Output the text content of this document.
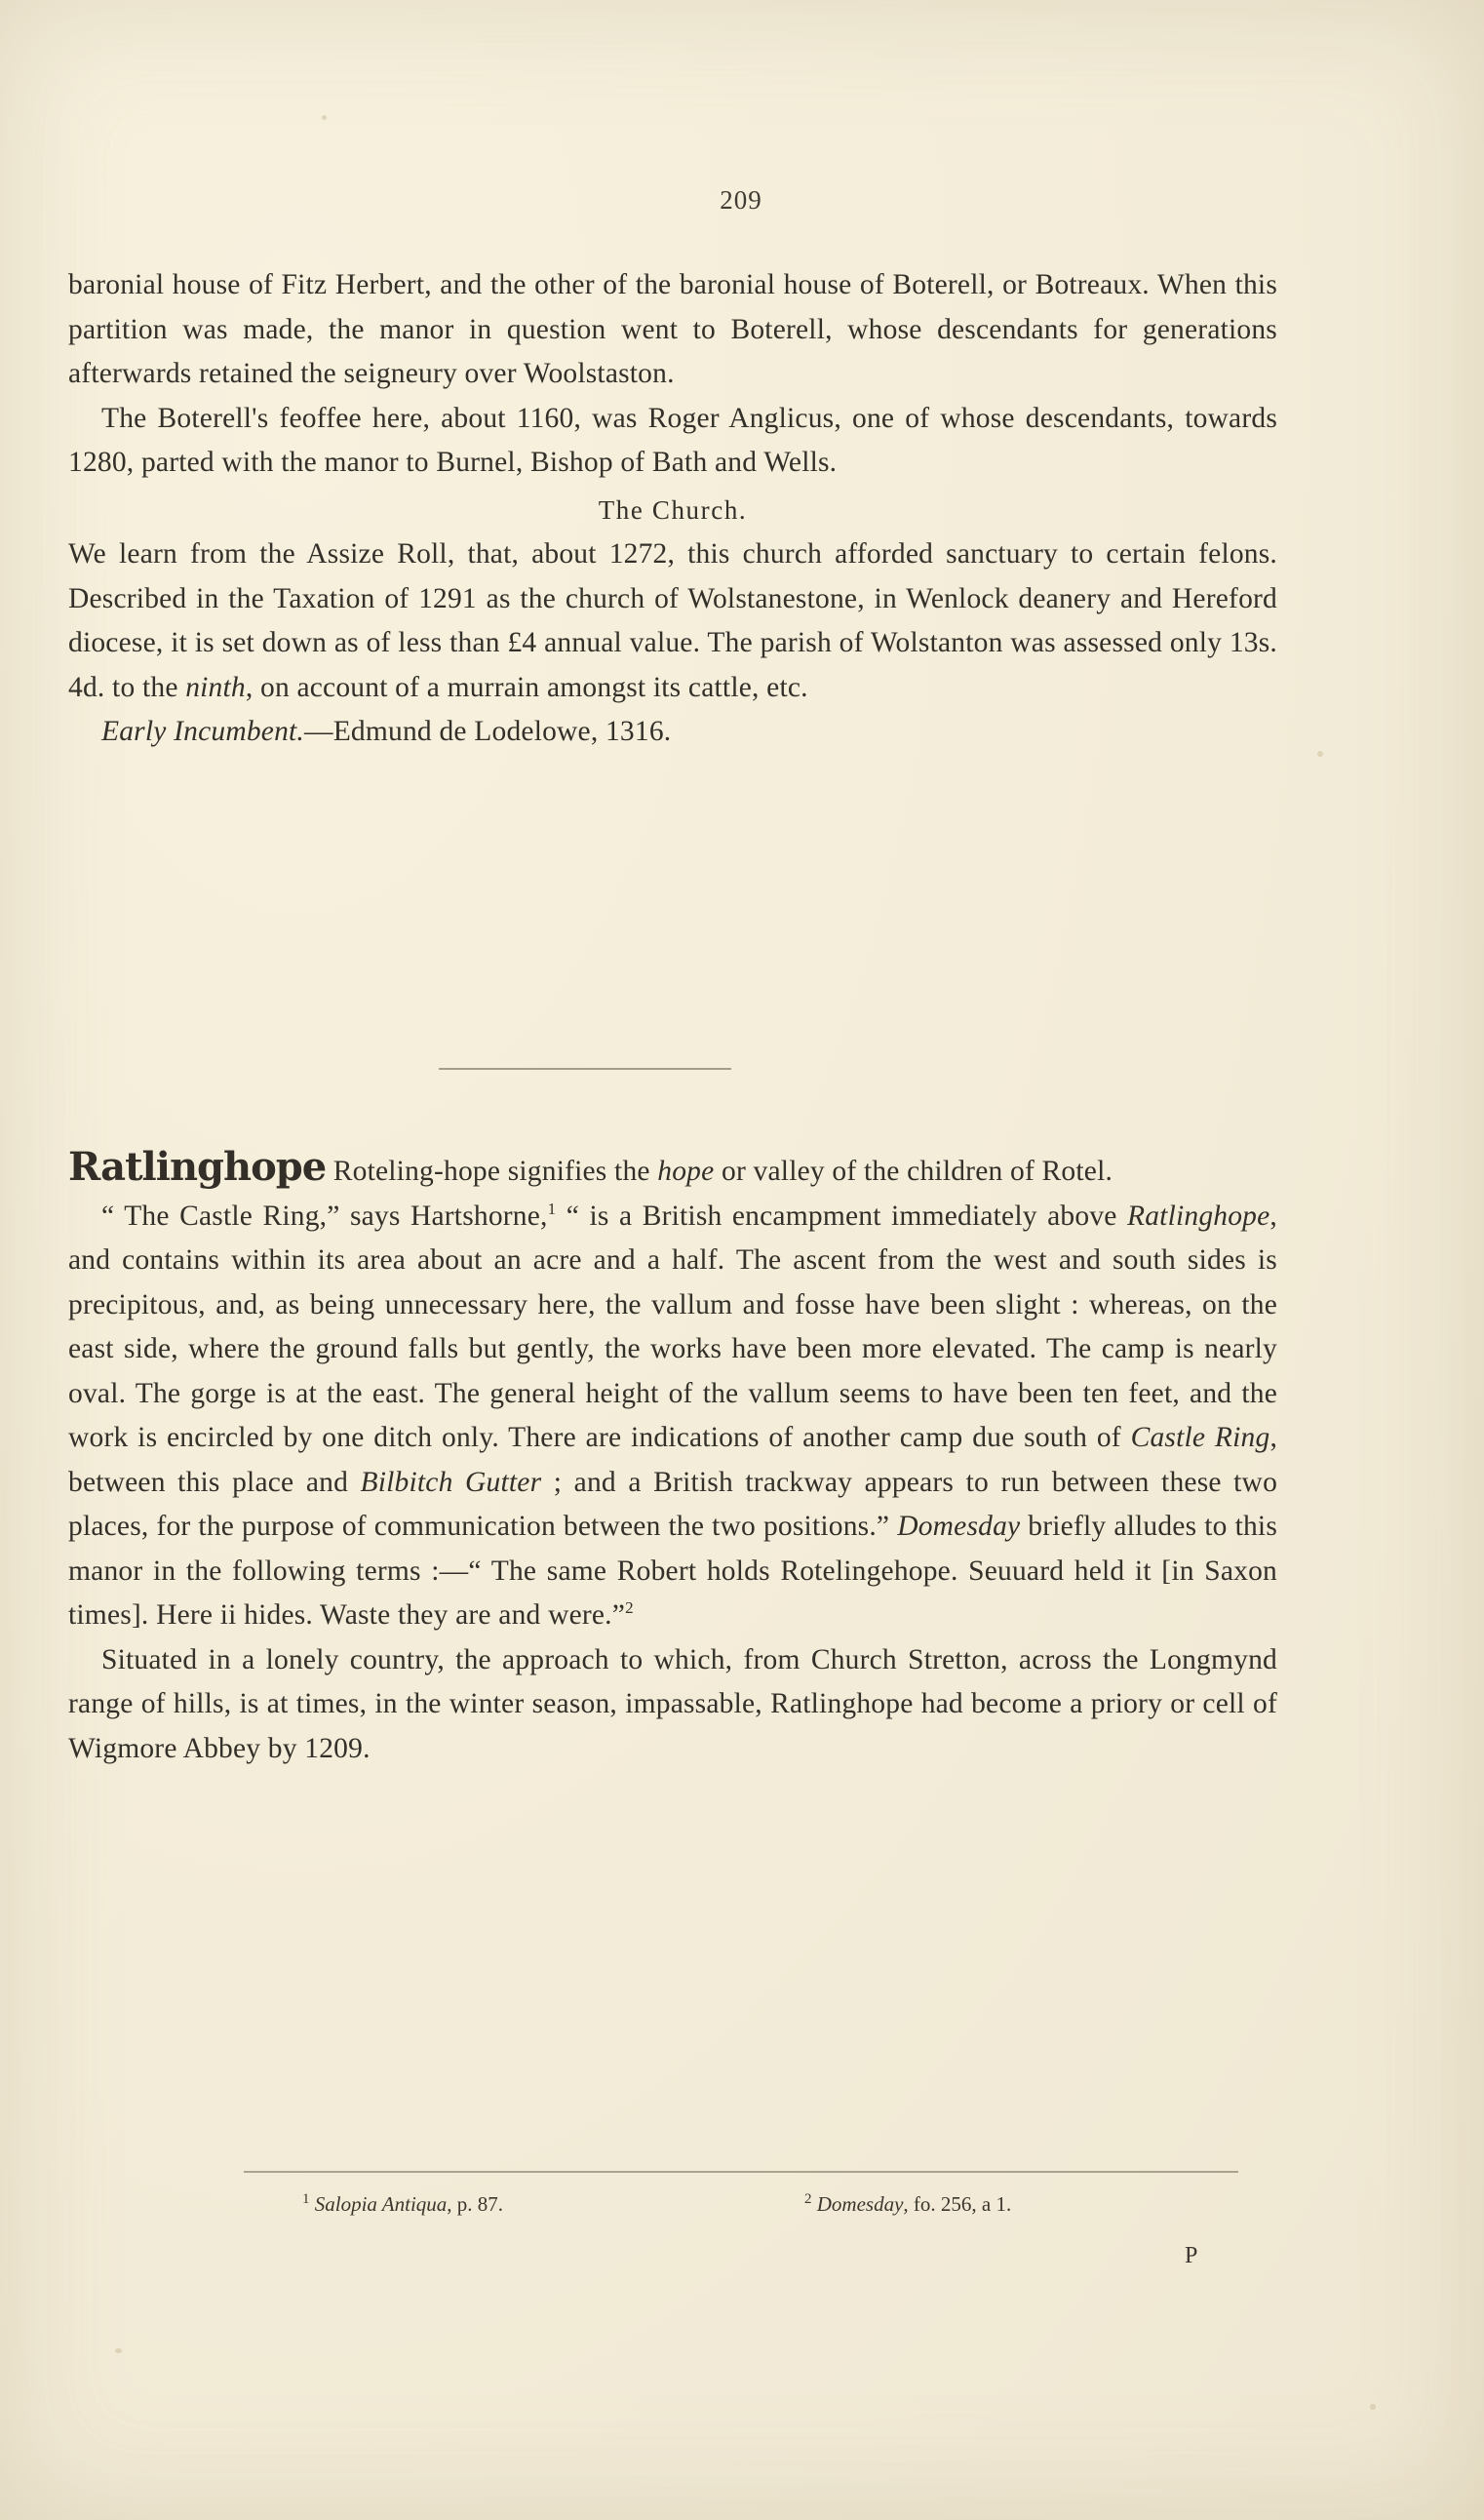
209

baronial house of Fitz Herbert, and the other of the baronial house of Boterell, or Botreaux. When this partition was made, the manor in question went to Boterell, whose descendants for generations afterwards retained the seigneury over Woolstaston.

The Boterell's feoffee here, about 1160, was Roger Anglicus, one of whose descendants, towards 1280, parted with the manor to Burnel, Bishop of Bath and Wells.

The Church.

We learn from the Assize Roll, that, about 1272, this church afforded sanctuary to certain felons. Described in the Taxation of 1291 as the church of Wolstanestone, in Wenlock deanery and Hereford diocese, it is set down as of less than £4 annual value. The parish of Wolstanton was assessed only 13s. 4d. to the ninth, on account of a murrain amongst its cattle, etc.

Early Incumbent.—Edmund de Lodelowe, 1316.

Ratlinghope Roteling-hope signifies the hope or valley of the children of Rotel.

“ The Castle Ring,” says Hartshorne,$^1$ “ is a British encampment immediately above Ratlinghope, and contains within its area about an acre and a half. The ascent from the west and south sides is precipitous, and, as being unnecessary here, the vallum and fosse have been slight : whereas, on the east side, where the ground falls but gently, the works have been more elevated. The camp is nearly oval. The gorge is at the east. The general height of the vallum seems to have been ten feet, and the work is encircled by one ditch only. There are indications of another camp due south of Castle Ring, between this place and Bilbitch Gutter ; and a British trackway appears to run between these two places, for the purpose of communication between the two positions.” Domesday briefly alludes to this manor in the following terms :—“ The same Robert holds Rotelingehope. Seuuard held it [in Saxon times]. Here ii hides. Waste they are and were.”$^2$

Situated in a lonely country, the approach to which, from Church Stretton, across the Longmynd range of hills, is at times, in the winter season, impassable, Ratlinghope had become a priory or cell of Wigmore Abbey by 1209.

$^1$ Salopia Antiqua, p. 87.	$^2$ Domesday, fo. 256, a 1.
P
